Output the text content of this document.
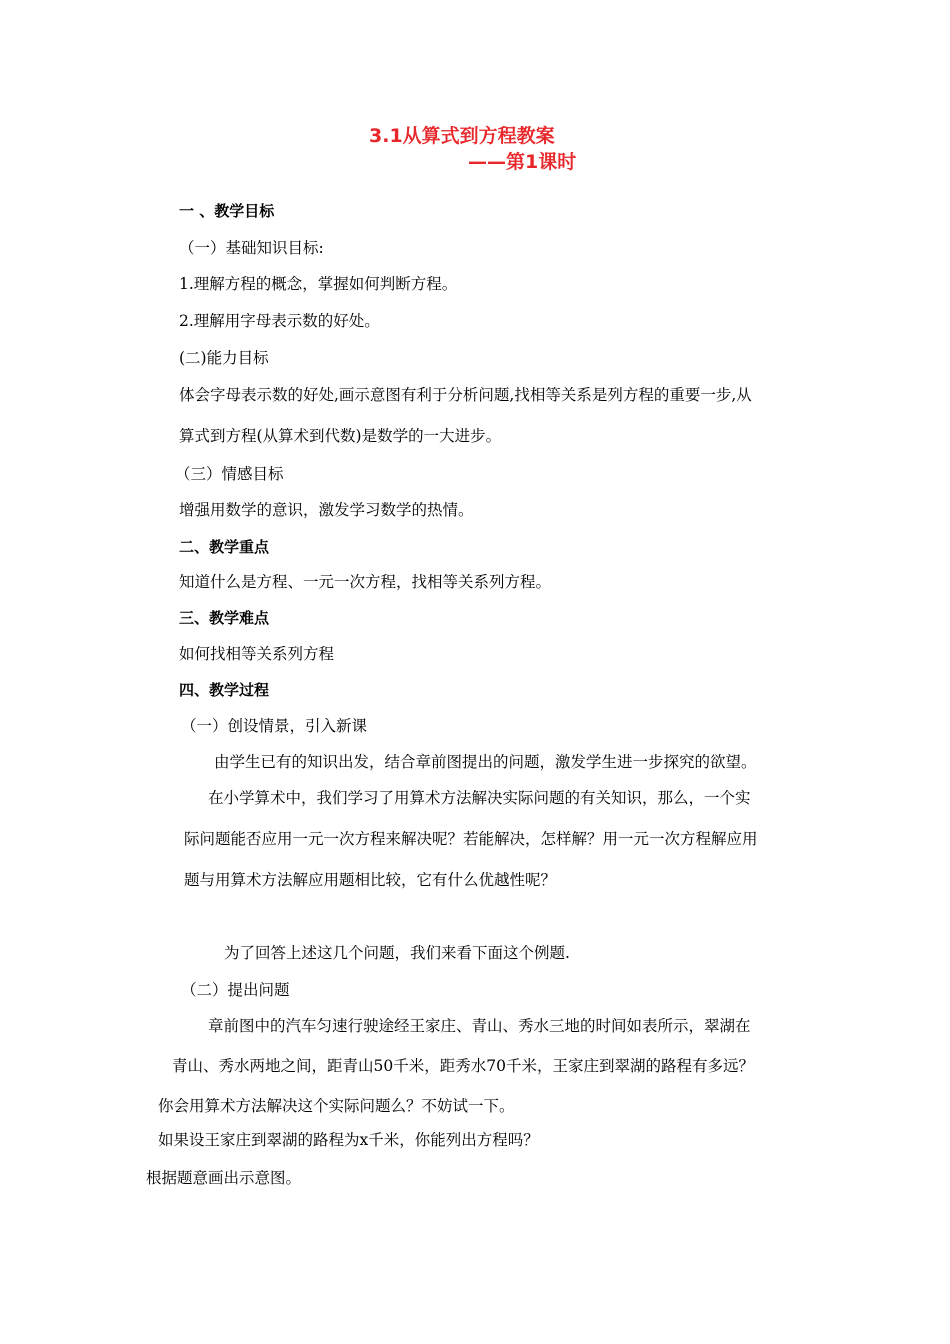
3.1从算式到方程教案
——第1课时
一 、教学目标
（一）基础知识目标:
1.理解方程的概念，掌握如何判断方程。
2.理解用字母表示数的好处。
(二)能力目标
体会字母表示数的好处,画示意图有利于分析问题,找相等关系是列方程的重要一步,从
算式到方程(从算术到代数)是数学的一大进步。
（三）情感目标
增强用数学的意识，激发学习数学的热情。
二、教学重点
知道什么是方程、一元一次方程，找相等关系列方程。
三、教学难点
如何找相等关系列方程
四、教学过程
（一）创设情景，引入新课
由学生已有的知识出发，结合章前图提出的问题，激发学生进一步探究的欲望。
在小学算术中，我们学习了用算术方法解决实际问题的有关知识，那么，一个实
际问题能否应用一元一次方程来解决呢？若能解决，怎样解？用一元一次方程解应用
题与用算术方法解应用题相比较，它有什么优越性呢？
为了回答上述这几个问题，我们来看下面这个例题.
（二）提出问题
章前图中的汽车匀速行驶途经王家庄、青山、秀水三地的时间如表所示，翠湖在
青山、秀水两地之间，距青山50千米，距秀水70千米，王家庄到翠湖的路程有多远？
你会用算术方法解决这个实际问题么？不妨试一下。
如果设王家庄到翠湖的路程为x千米，你能列出方程吗？
根据题意画出示意图。
